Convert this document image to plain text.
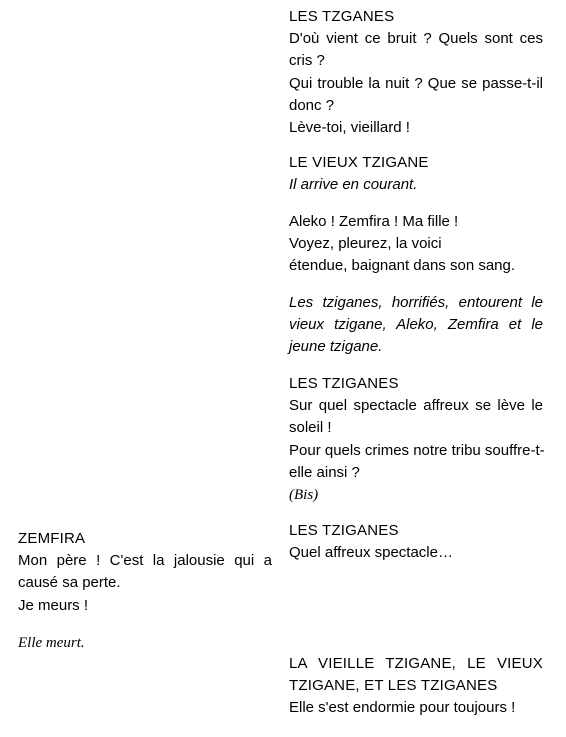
LES TZGANES
D'où vient ce bruit ? Quels sont ces
cris ?
Qui trouble la nuit ? Que se passe-t-il
donc ?
Lève-toi, vieillard !
LE VIEUX TZIGANE
Il arrive en courant.
Aleko ! Zemfira ! Ma fille !
Voyez, pleurez, la voici
étendue, baignant dans son sang.
Les tziganes, horrifiés, entourent le
vieux tzigane, Aleko, Zemfira et le
jeune tzigane.
LES TZIGANES
Sur quel spectacle affreux se lève le
soleil !
Pour quels crimes notre tribu souffre-t-
elle ainsi ?
(Bis)
LES TZIGANES
Quel affreux spectacle…
LA VIEILLE TZIGANE, LE VIEUX
TZIGANE, ET LES TZIGANES
Elle s'est endormie pour toujours !
ZEMFIRA
Mon père ! C'est la jalousie qui a
causé sa perte.
Je meurs !
Elle meurt.
